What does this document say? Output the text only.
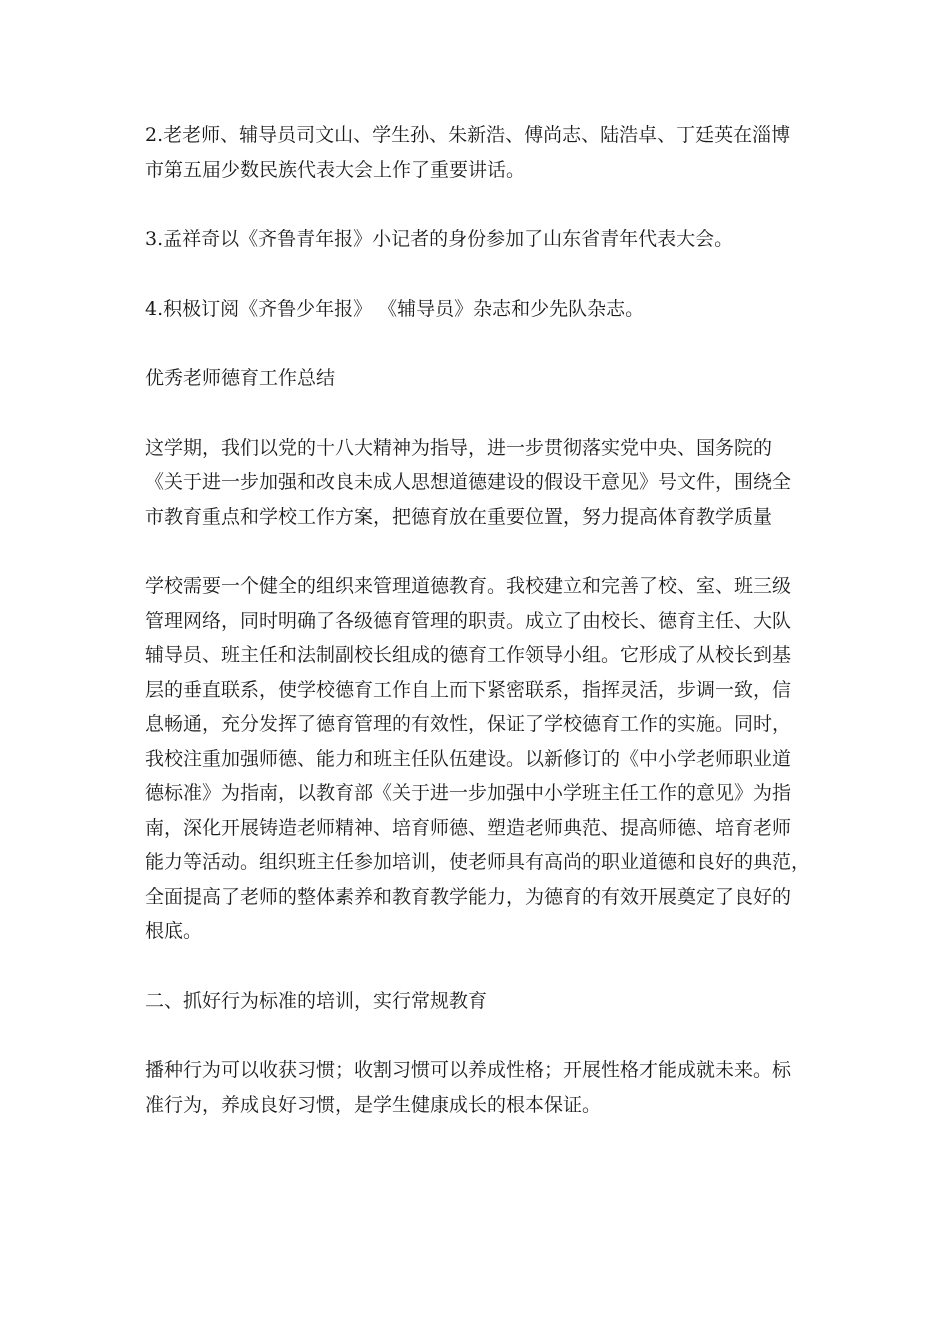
2.老老师、辅导员司文山、学生孙、朱新浩、傅尚志、陆浩卓、丁廷英在淄博
市第五届少数民族代表大会上作了重要讲话。

3.孟祥奇以《齐鲁青年报》小记者的身份参加了山东省青年代表大会。

4.积极订阅《齐鲁少年报》 《辅导员》杂志和少先队杂志。

优秀老师德育工作总结

这学期，我们以党的十八大精神为指导，进一步贯彻落实党中央、国务院的
《关于进一步加强和改良未成人思想道德建设的假设干意见》号文件，围绕全
市教育重点和学校工作方案，把德育放在重要位置，努力提高体育教学质量

学校需要一个健全的组织来管理道德教育。我校建立和完善了校、室、班三级
管理网络，同时明确了各级德育管理的职责。成立了由校长、德育主任、大队
辅导员、班主任和法制副校长组成的德育工作领导小组。它形成了从校长到基
层的垂直联系，使学校德育工作自上而下紧密联系，指挥灵活，步调一致，信
息畅通，充分发挥了德育管理的有效性，保证了学校德育工作的实施。同时，
我校注重加强师德、能力和班主任队伍建设。以新修订的《中小学老师职业道
德标准》为指南，以教育部《关于进一步加强中小学班主任工作的意见》为指
南，深化开展铸造老师精神、培育师德、塑造老师典范、提高师德、培育老师
能力等活动。组织班主任参加培训，使老师具有高尚的职业道德和良好的典范，
全面提高了老师的整体素养和教育教学能力，为德育的有效开展奠定了良好的
根底。

二、抓好行为标准的培训，实行常规教育

播种行为可以收获习惯；收割习惯可以养成性格；开展性格才能成就未来。标
准行为，养成良好习惯，是学生健康成长的根本保证。
